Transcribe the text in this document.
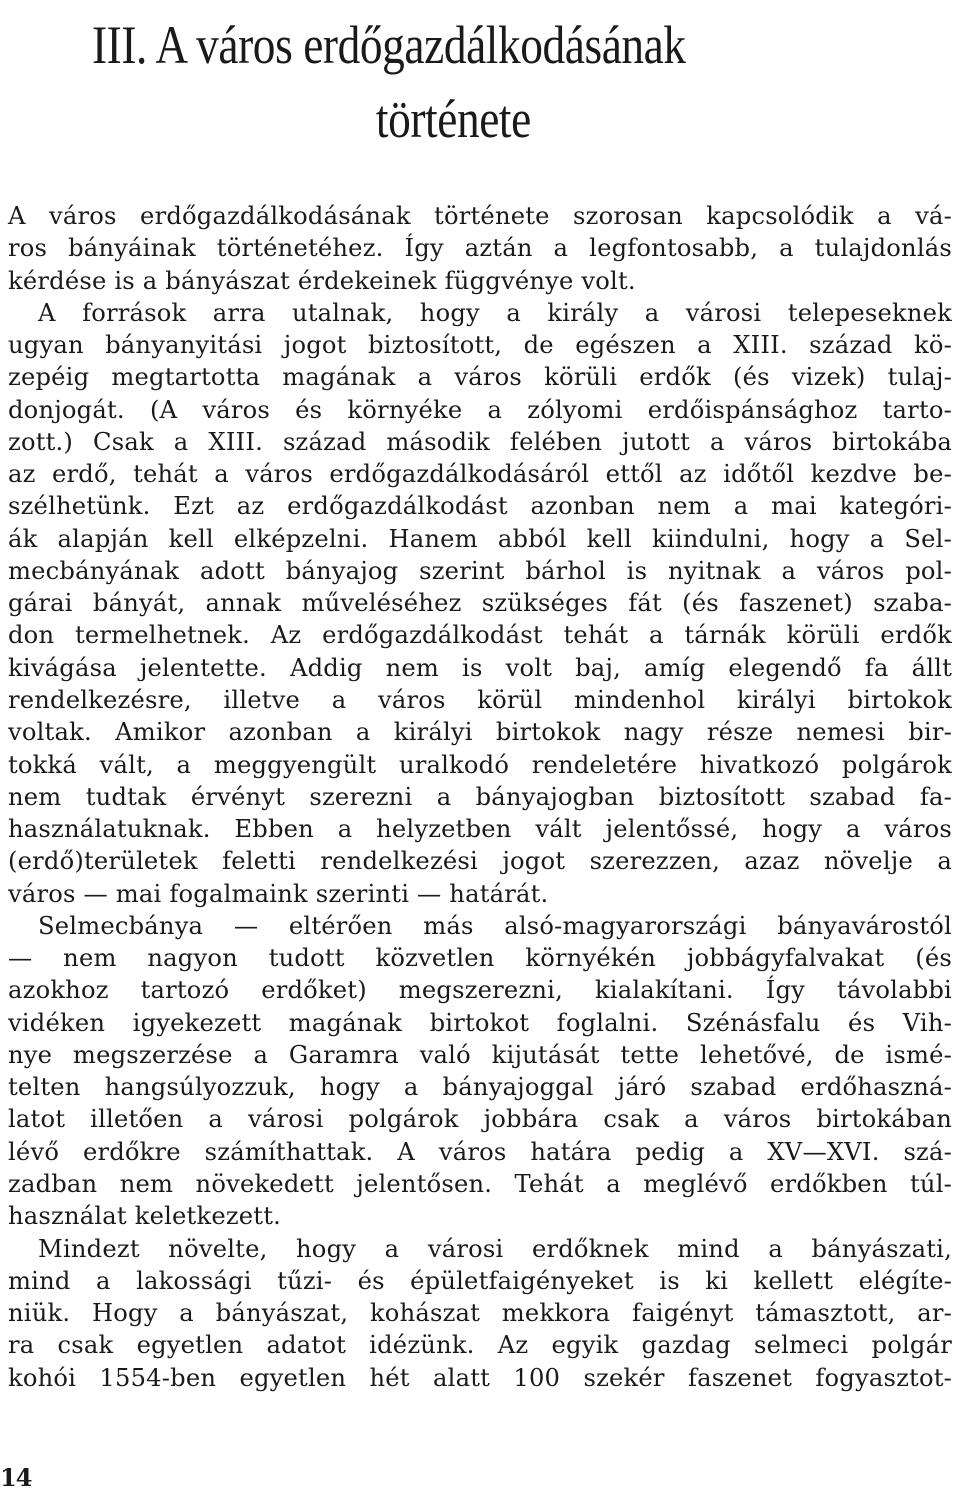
III. A város erdőgazdálkodásának
története
A város erdőgazdálkodásának története szorosan kapcsolódik a vá-
ros bányáinak történetéhez. Így aztán a legfontosabb, a tulajdonlás
kérdése is a bányászat érdekeinek függvénye volt.
A források arra utalnak, hogy a király a városi telepeseknek
ugyan bányanyitási jogot biztosított, de egészen a XIII. század kö-
zepéig megtartotta magának a város körüli erdők (és vizek) tulaj-
donjogát. (A város és környéke a zólyomi erdőispánsághoz tarto-
zott.) Csak a XIII. század második felében jutott a város birtokába
az erdő, tehát a város erdőgazdálkodásáról ettől az időtől kezdve be-
szélhetünk. Ezt az erdőgazdálkodást azonban nem a mai kategóri-
ák alapján kell elképzelni. Hanem abból kell kiindulni, hogy a Sel-
mecbányának adott bányajog szerint bárhol is nyitnak a város pol-
gárai bányát, annak műveléséhez szükséges fát (és faszenet) szaba-
don termelhetnek. Az erdőgazdálkodást tehát a tárnák körüli erdők
kivágása jelentette. Addig nem is volt baj, amíg elegendő fa állt
rendelkezésre, illetve a város körül mindenhol királyi birtokok
voltak. Amikor azonban a királyi birtokok nagy része nemesi bir-
tokká vált, a meggyengült uralkodó rendeletére hivatkozó polgárok
nem tudtak érvényt szerezni a bányajogban biztosított szabad fa-
használatuknak. Ebben a helyzetben vált jelentőssé, hogy a város
(erdő)területek feletti rendelkezési jogot szerezzen, azaz növelje a
város — mai fogalmaink szerinti — határát.
Selmecbánya — eltérően más alsó-magyarországi bányavárostól
— nem nagyon tudott közvetlen környékén jobbágyfalvakat (és
azokhoz tartozó erdőket) megszerezni, kialakítani. Így távolabbi
vidéken igyekezett magának birtokot foglalni. Szénásfalu és Vih-
nye megszerzése a Garamra való kijutását tette lehetővé, de ismé-
telten hangsúlyozzuk, hogy a bányajoggal járó szabad erdőhaszná-
latot illetően a városi polgárok jobbára csak a város birtokában
lévő erdőkre számíthattak. A város határa pedig a XV—XVI. szá-
zadban nem növekedett jelentősen. Tehát a meglévő erdőkben túl-
használat keletkezett.
Mindezt növelte, hogy a városi erdőknek mind a bányászati,
mind a lakossági tűzi- és épületfaigényeket is ki kellett elégíte-
niük. Hogy a bányászat, kohászat mekkora faigényt támasztott, ar-
ra csak egyetlen adatot idézünk. Az egyik gazdag selmeci polgár
kohói 1554-ben egyetlen hét alatt 100 szekér faszenet fogyasztot-
14
